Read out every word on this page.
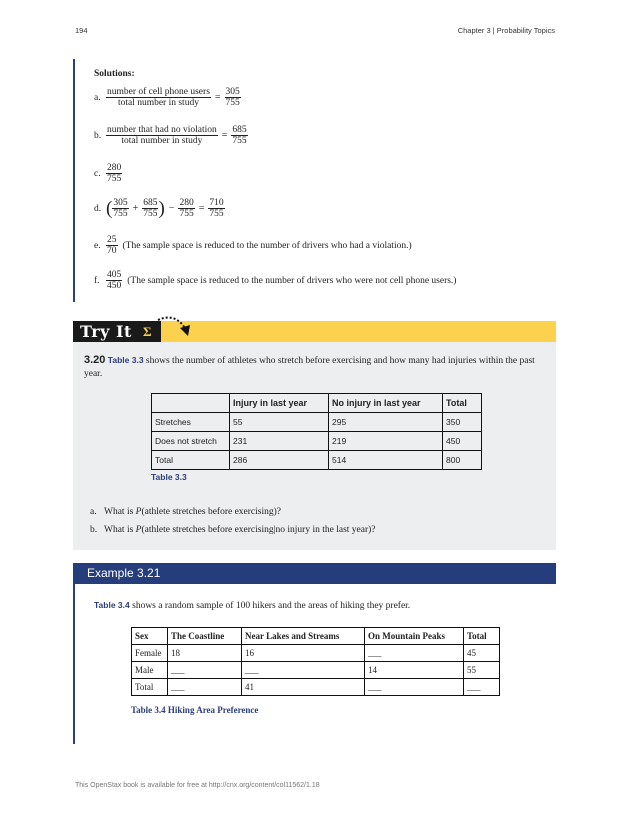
194	Chapter 3 | Probability Topics
Solutions:
a. $\frac{\text{number of cell phone users}}{\text{total number in study}} = \frac{305}{755}$
b. $\frac{\text{number that had no violation}}{\text{total number in study}} = \frac{685}{755}$
c. $\frac{280}{755}$
d. ( $\frac{305}{755} + \frac{685}{755}$ ) − $\frac{280}{755} = \frac{710}{755}$
e. $\frac{25}{70} (The$ sample space is reduced to the number of drivers who had a violation.)
f. $\frac{405}{450} (The$ sample space is reduced to the number of drivers who were not cell phone users.)
Try It Σ
3.20 Table 3.3 shows the number of athletes who stretch before exercising and how many had injuries within the past year.
	Injury in last year	No injury in last year	Total
Stretches	55	295	350
Does not stretch	231	219	450
Total	286	514	800
Table 3.3
a. What is P(athlete stretches before exercising)?
b. What is P(athlete stretches before exercising|no injury in the last year)?
Example 3.21
Table 3.4 shows a random sample of 100 hikers and the areas of hiking they prefer.
Sex	The Coastline	Near Lakes and Streams	On Mountain Peaks	Total
Female	18	16	___	45
Male	___	___	14	55
Total	___	41	___	___
Table 3.4 Hiking Area Preference
This OpenStax book is available for free at http://cnx.org/content/col11562/1.18
